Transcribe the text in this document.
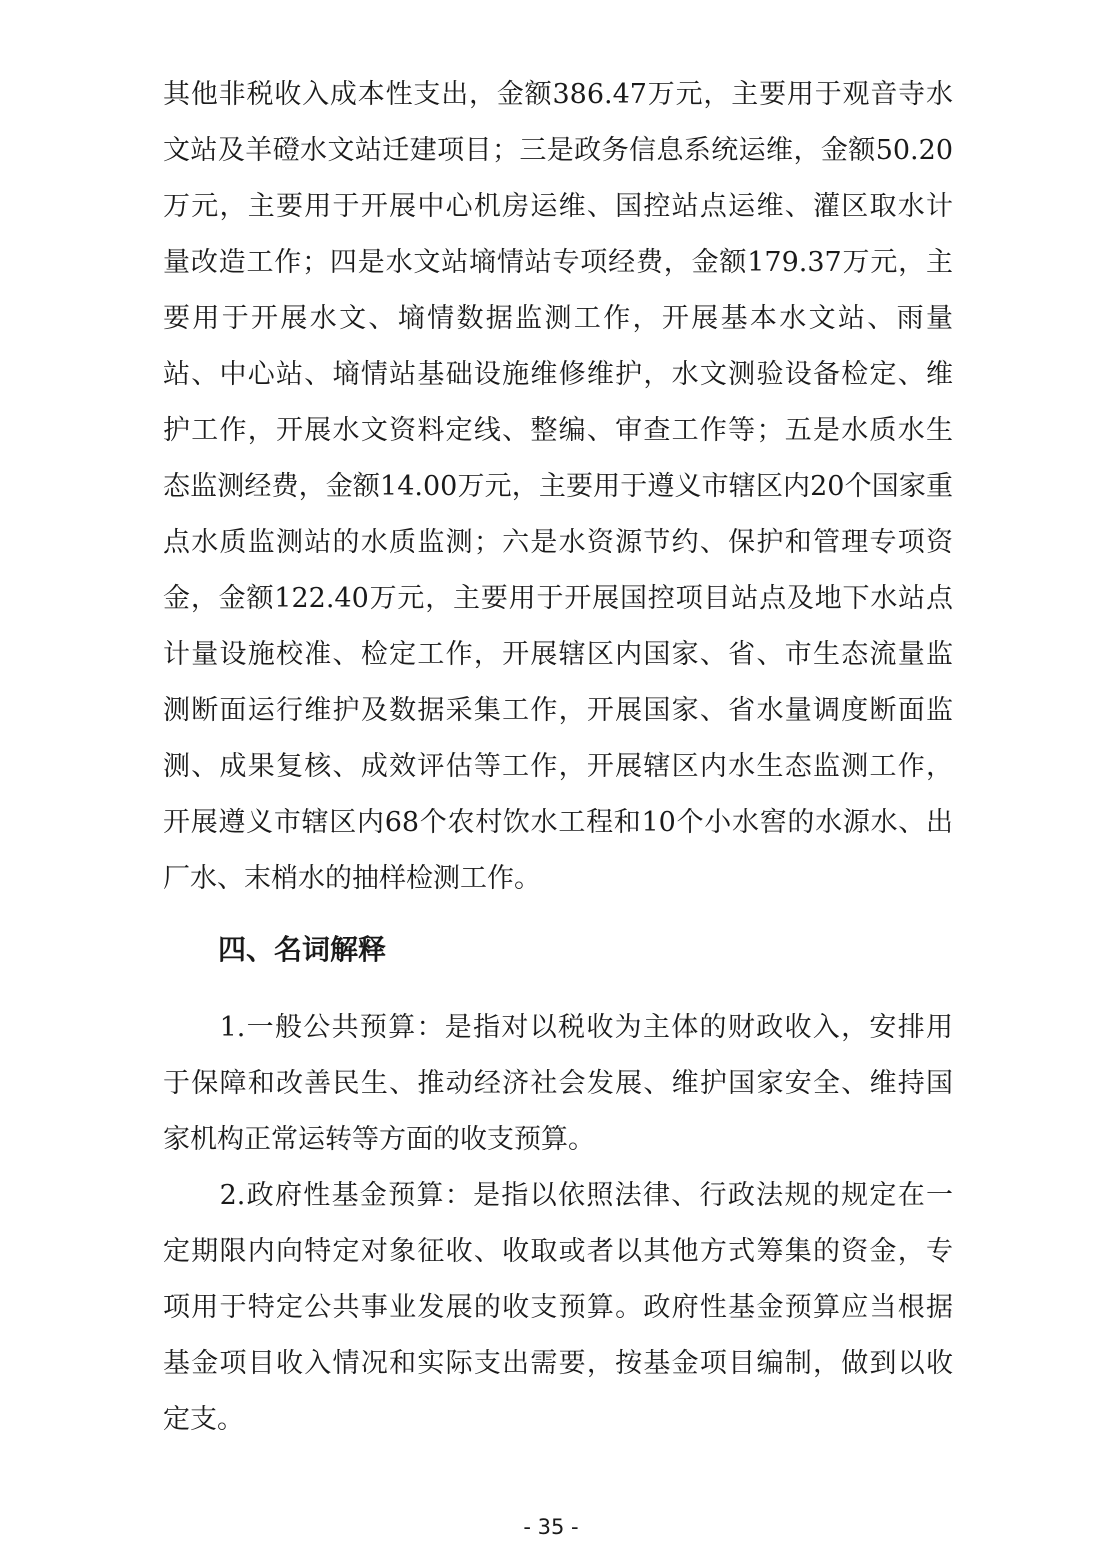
其他非税收入成本性支出，金额386.47万元，主要用于观音寺水
文站及羊磴水文站迁建项目；三是政务信息系统运维，金额50.20
万元，主要用于开展中心机房运维、国控站点运维、灌区取水计
量改造工作；四是水文站墒情站专项经费，金额179.37万元，主
要用于开展水文、墒情数据监测工作，开展基本水文站、雨量
站、中心站、墒情站基础设施维修维护，水文测验设备检定、维
护工作，开展水文资料定线、整编、审查工作等；五是水质水生
态监测经费，金额14.00万元，主要用于遵义市辖区内20个国家重
点水质监测站的水质监测；六是水资源节约、保护和管理专项资
金，金额122.40万元，主要用于开展国控项目站点及地下水站点
计量设施校准、检定工作，开展辖区内国家、省、市生态流量监
测断面运行维护及数据采集工作，开展国家、省水量调度断面监
测、成果复核、成效评估等工作，开展辖区内水生态监测工作，
开展遵义市辖区内68个农村饮水工程和10个小水窖的水源水、出
厂水、末梢水的抽样检测工作。
四、名词解释
　　1.一般公共预算：是指对以税收为主体的财政收入，安排用
于保障和改善民生、推动经济社会发展、维护国家安全、维持国
家机构正常运转等方面的收支预算。
　　2.政府性基金预算：是指以依照法律、行政法规的规定在一
定期限内向特定对象征收、收取或者以其他方式筹集的资金，专
项用于特定公共事业发展的收支预算。政府性基金预算应当根据
基金项目收入情况和实际支出需要，按基金项目编制，做到以收
定支。
- 35 -
